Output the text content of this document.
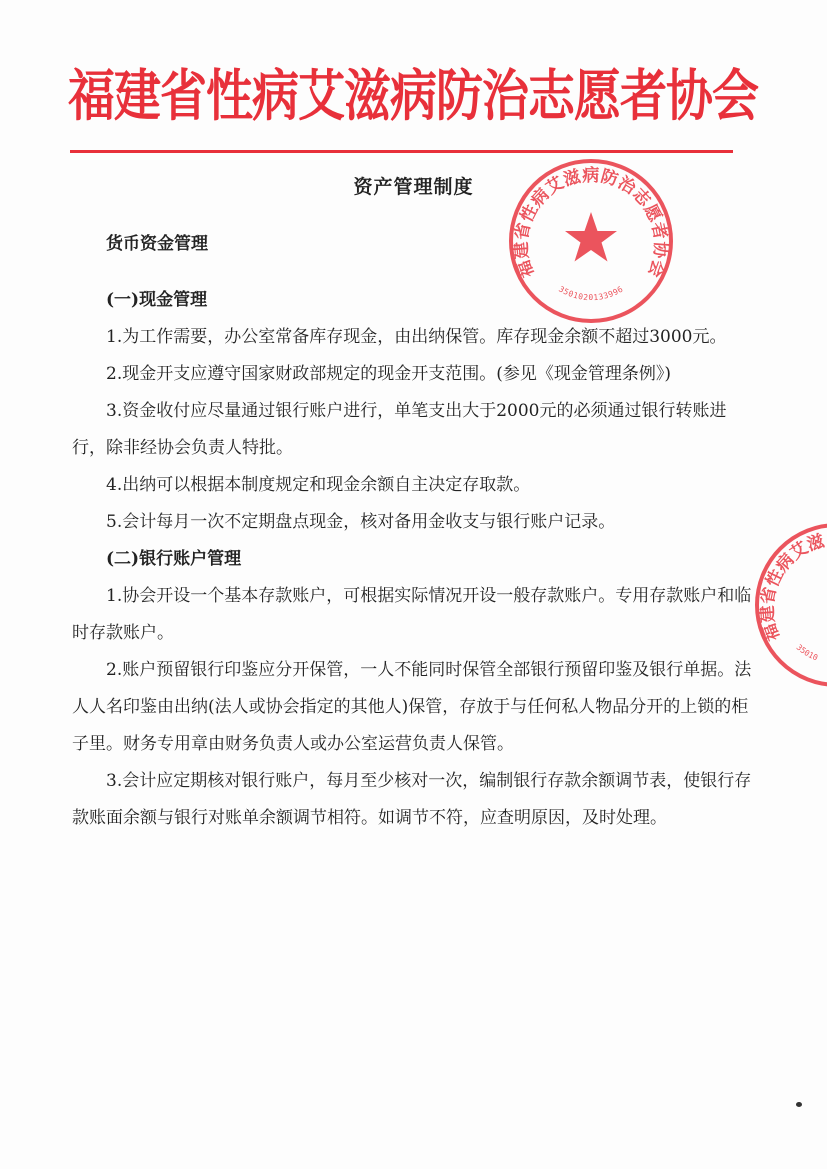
福建省性病艾滋病防治志愿者协会
资产管理制度

货币资金管理

(一)现金管理

1.为工作需要，办公室常备库存现金，由出纳保管。库存现金余额不超过3000元。

2.现金开支应遵守国家财政部规定的现金开支范围。(参见《现金管理条例》)

3.资金收付应尽量通过银行账户进行，单笔支出大于2000元的必须通过银行转账进行，除非经协会负责人特批。

4.出纳可以根据本制度规定和现金余额自主决定存取款。

5.会计每月一次不定期盘点现金，核对备用金收支与银行账户记录。

(二)银行账户管理

1.协会开设一个基本存款账户，可根据实际情况开设一般存款账户。专用存款账户和临时存款账户。

2.账户预留银行印鉴应分开保管，一人不能同时保管全部银行预留印鉴及银行单据。法人人名印鉴由出纳(法人或协会指定的其他人)保管，存放于与任何私人物品分开的上锁的柜子里。财务专用章由财务负责人或办公室运营负责人保管。

3.会计应定期核对银行账户，每月至少核对一次，编制银行存款余额调节表，使银行存款账面余额与银行对账单余额调节相符。如调节不符，应查明原因，及时处理。

福建省性病艾滋病防治志愿者协会
3501020133996
福建省性病艾滋
35010
